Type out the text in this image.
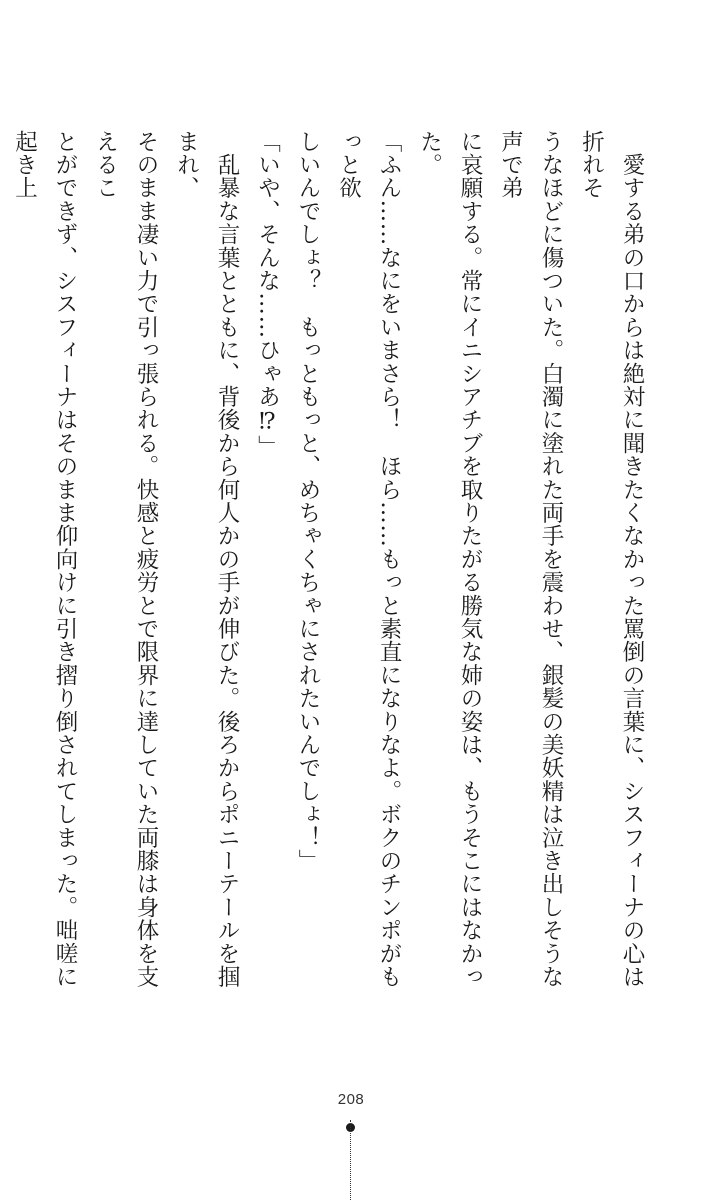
　愛する弟の口からは絶対に聞きたくなかった罵倒の言葉に、シスフィーナの心は折れそ

うなほどに傷ついた。白濁に塗れた両手を震わせ、銀髪の美妖精は泣き出しそうな声で弟

に哀願する。常にイニシアチブを取りたがる勝気な姉の姿は、もうそこにはなかった。

「ふん……なにをいまさら！　ほら……もっと素直になりなよ。ボクのチンポがもっと欲

しいんでしょ？　もっともっと、めちゃくちゃにされたいんでしょ！」

「いや、そんな……ひゃあ⁉」

　乱暴な言葉とともに、背後から何人かの手が伸びた。後ろからポニーテールを掴まれ、

そのまま凄い力で引っ張られる。快感と疲労とで限界に達していた両膝は身体を支えるこ

とができず、シスフィーナはそのまま仰向けに引き摺り倒されてしまった。咄嗟に起き上

208
